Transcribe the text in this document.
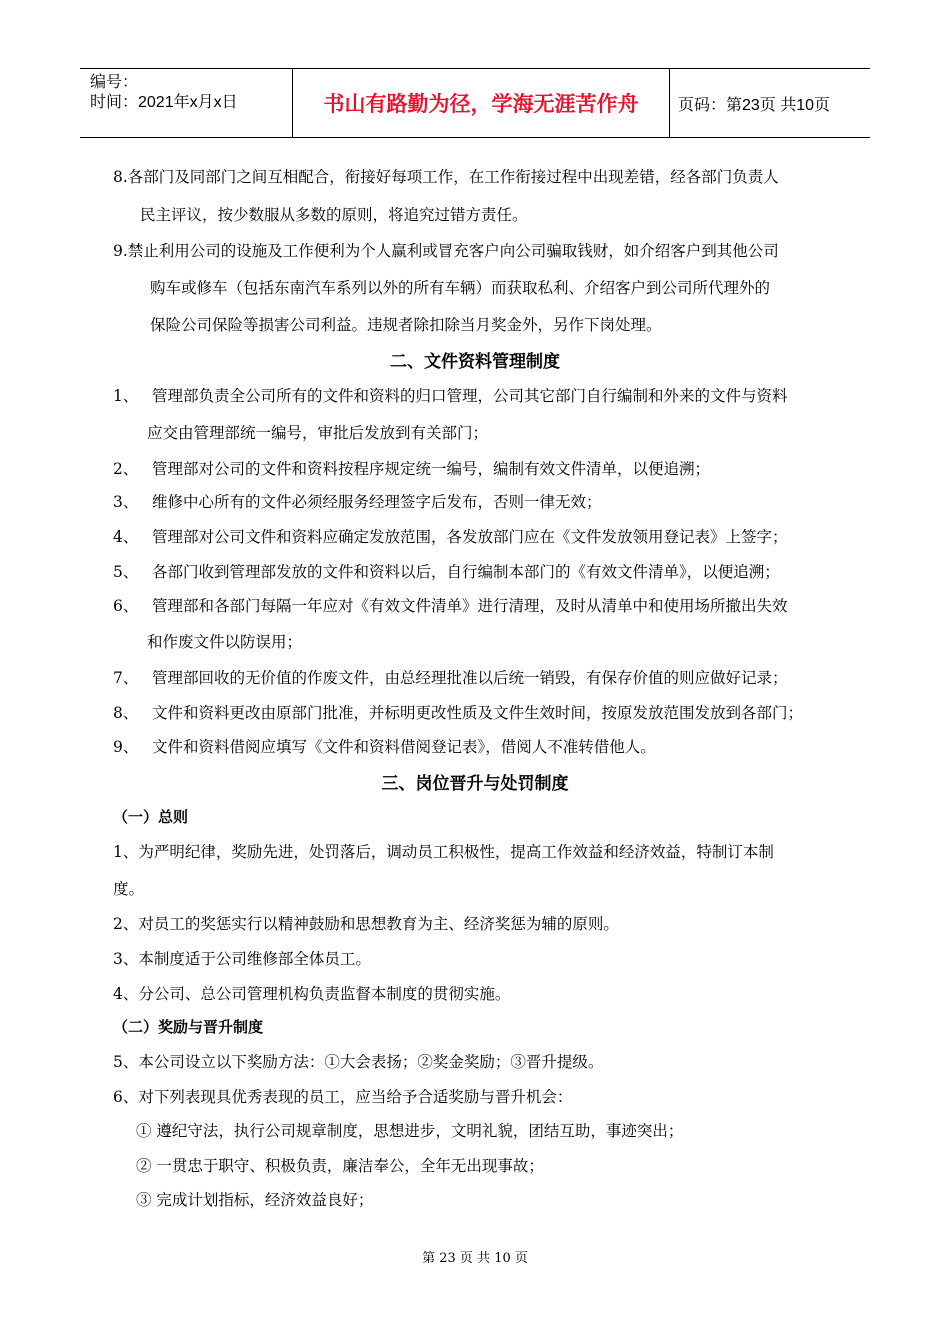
编号：
时间：2021年x月x日	书山有路勤为径，学海无涯苦作舟	页码：第23页 共10页
8.各部门及同部门之间互相配合，衔接好每项工作，在工作衔接过程中出现差错，经各部门负责人
民主评议，按少数服从多数的原则，将追究过错方责任。
9.禁止利用公司的设施及工作便利为个人赢利或冒充客户向公司骗取钱财，如介绍客户到其他公司
购车或修车（包括东南汽车系列以外的所有车辆）而获取私利、介绍客户到公司所代理外的
保险公司保险等损害公司利益。违规者除扣除当月奖金外，另作下岗处理。
二、文件资料管理制度
1、 管理部负责全公司所有的文件和资料的归口管理，公司其它部门自行编制和外来的文件与资料
应交由管理部统一编号，审批后发放到有关部门；
2、 管理部对公司的文件和资料按程序规定统一编号，编制有效文件清单，以便追溯；
3、 维修中心所有的文件必须经服务经理签字后发布，否则一律无效；
4、 管理部对公司文件和资料应确定发放范围，各发放部门应在《文件发放领用登记表》上签字；
5、 各部门收到管理部发放的文件和资料以后，自行编制本部门的《有效文件清单》，以便追溯；
6、 管理部和各部门每隔一年应对《有效文件清单》进行清理，及时从清单中和使用场所撤出失效
和作废文件以防误用；
7、 管理部回收的无价值的作废文件，由总经理批准以后统一销毁，有保存价值的则应做好记录；
8、 文件和资料更改由原部门批准，并标明更改性质及文件生效时间，按原发放范围发放到各部门；
9、 文件和资料借阅应填写《文件和资料借阅登记表》，借阅人不准转借他人。
三、岗位晋升与处罚制度
（一）总则
1、为严明纪律，奖励先进，处罚落后，调动员工积极性，提高工作效益和经济效益，特制订本制
度。
2、对员工的奖惩实行以精神鼓励和思想教育为主、经济奖惩为辅的原则。
3、本制度适于公司维修部全体员工。
4、分公司、总公司管理机构负责监督本制度的贯彻实施。
（二）奖励与晋升制度
5、本公司设立以下奖励方法：①大会表扬；②奖金奖励；③晋升提级。
6、对下列表现具优秀表现的员工，应当给予合适奖励与晋升机会：
① 遵纪守法，执行公司规章制度，思想进步，文明礼貌，团结互助，事迹突出；
② 一贯忠于职守、积极负责，廉洁奉公，全年无出现事故；
③ 完成计划指标，经济效益良好；
第 23 页 共 10 页
